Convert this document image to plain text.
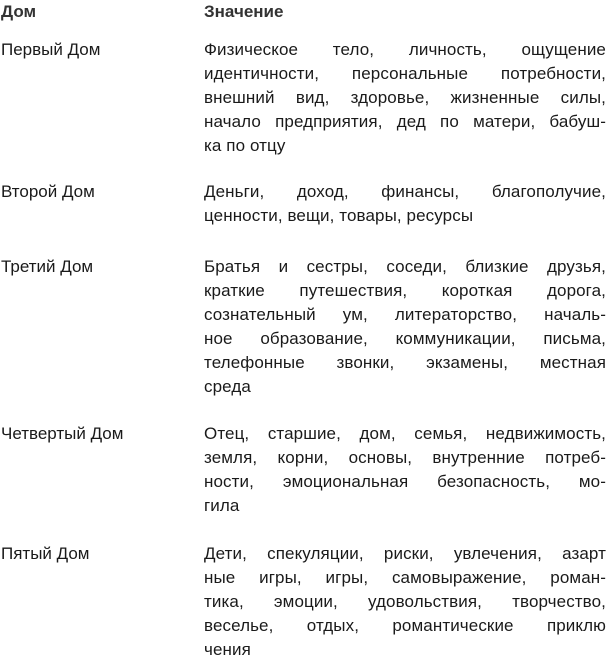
Дом	Значение
Первый Дом	Физическое тело, личность, ощущение
идентичности, персональные потребности,
внешний вид, здоровье, жизненные силы,
начало предприятия, дед по матери, бабуш-
ка по отцу
Второй Дом	Деньги, доход, финансы, благополучие,
ценности, вещи, товары, ресурсы
Третий Дом	Братья и сестры, соседи, близкие друзья,
краткие путешествия, короткая дорога,
сознательный ум, литераторство, началь-
ное образование, коммуникации, письма,
телефонные звонки, экзамены, местная
среда
Четвертый Дом	Отец, старшие, дом, семья, недвижимость,
земля, корни, основы, внутренние потреб-
ности, эмоциональная безопасность, мо-
гила
Пятый Дом	Дети, спекуляции, риски, увлечения, азарт
ные игры, игры, самовыражение, роман-
тика, эмоции, удовольствия, творчество,
веселье, отдых, романтические приклю
чения
